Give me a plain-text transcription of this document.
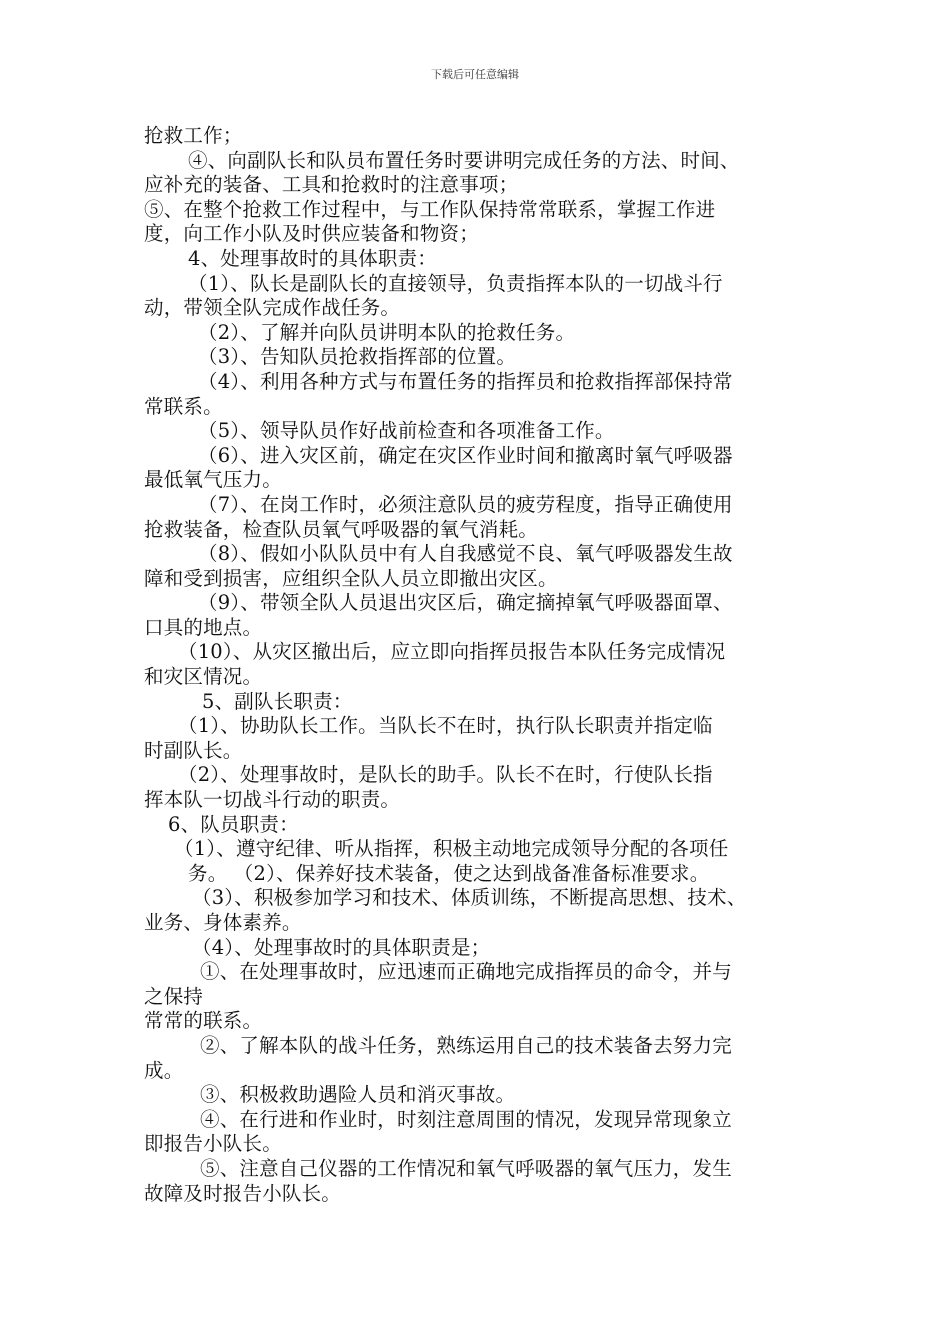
下载后可任意编辑
抢救工作；
④、向副队长和队员布置任务时要讲明完成任务的方法、时间、
应补充的装备、工具和抢救时的注意事项；
⑤、在整个抢救工作过程中，与工作队保持常常联系，掌握工作进
度，向工作小队及时供应装备和物资；
4、处理事故时的具体职责：
（1）、队长是副队长的直接领导，负责指挥本队的一切战斗行
动，带领全队完成作战任务。
（2）、了解并向队员讲明本队的抢救任务。
（3）、告知队员抢救指挥部的位置。
（4）、利用各种方式与布置任务的指挥员和抢救指挥部保持常
常联系。
（5）、领导队员作好战前检查和各项准备工作。
（6）、进入灾区前，确定在灾区作业时间和撤离时氧气呼吸器
最低氧气压力。
（7）、在岗工作时，必须注意队员的疲劳程度，指导正确使用
抢救装备，检查队员氧气呼吸器的氧气消耗。
（8）、假如小队队员中有人自我感觉不良、氧气呼吸器发生故
障和受到损害，应组织全队人员立即撤出灾区。
（9）、带领全队人员退出灾区后，确定摘掉氧气呼吸器面罩、
口具的地点。
（10）、从灾区撤出后，应立即向指挥员报告本队任务完成情况
和灾区情况。
5、副队长职责：
（1）、协助队长工作。当队长不在时，执行队长职责并指定临
时副队长。
（2）、处理事故时，是队长的助手。队长不在时，行使队长指
挥本队一切战斗行动的职责。
6、队员职责：
（1）、遵守纪律、听从指挥，积极主动地完成领导分配的各项任
务。 （2）、保养好技术装备，使之达到战备准备标准要求。
（3）、积极参加学习和技术、体质训练，不断提高思想、技术、
业务、身体素养。
（4）、处理事故时的具体职责是；
①、在处理事故时，应迅速而正确地完成指挥员的命令，并与
之保持
常常的联系。
②、了解本队的战斗任务，熟练运用自己的技术装备去努力完
成。
③、积极救助遇险人员和消灭事故。
④、在行进和作业时，时刻注意周围的情况，发现异常现象立
即报告小队长。
⑤、注意自己仪器的工作情况和氧气呼吸器的氧气压力，发生
故障及时报告小队长。
